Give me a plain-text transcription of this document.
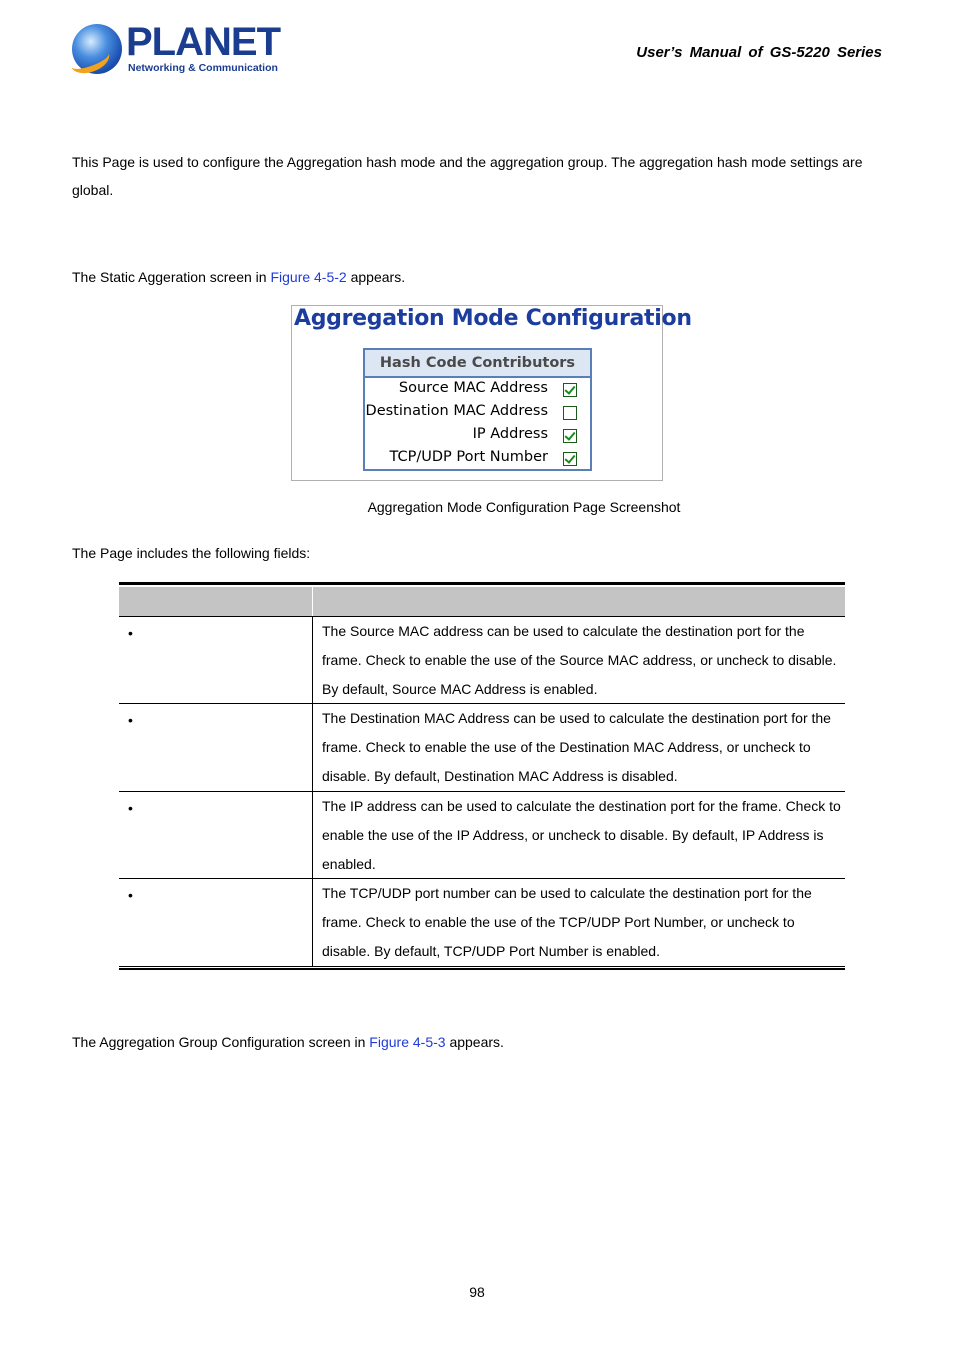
PLANET
Networking & Communication
User’s Manual of GS-5220 Series

This Page is used to configure the Aggregation hash mode and the aggregation group. The aggregation hash mode settings are global.

The Static Aggeration screen in Figure 4-5-2 appears.

Aggregation Mode Configuration
Hash Code Contributors
Source MAC Address
Destination MAC Address
IP Address
TCP/UDP Port Number
Aggregation Mode Configuration Page Screenshot

The Page includes the following fields:

•	The Source MAC address can be used to calculate the destination port for the frame. Check to enable the use of the Source MAC address, or uncheck to disable. By default, Source MAC Address is enabled.
•	The Destination MAC Address can be used to calculate the destination port for the frame. Check to enable the use of the Destination MAC Address, or uncheck to disable. By default, Destination MAC Address is disabled.
•	The IP address can be used to calculate the destination port for the frame. Check to enable the use of the IP Address, or uncheck to disable. By default, IP Address is enabled.
•	The TCP/UDP port number can be used to calculate the destination port for the frame. Check to enable the use of the TCP/UDP Port Number, or uncheck to disable. By default, TCP/UDP Port Number is enabled.

The Aggregation Group Configuration screen in Figure 4-5-3 appears.

98
